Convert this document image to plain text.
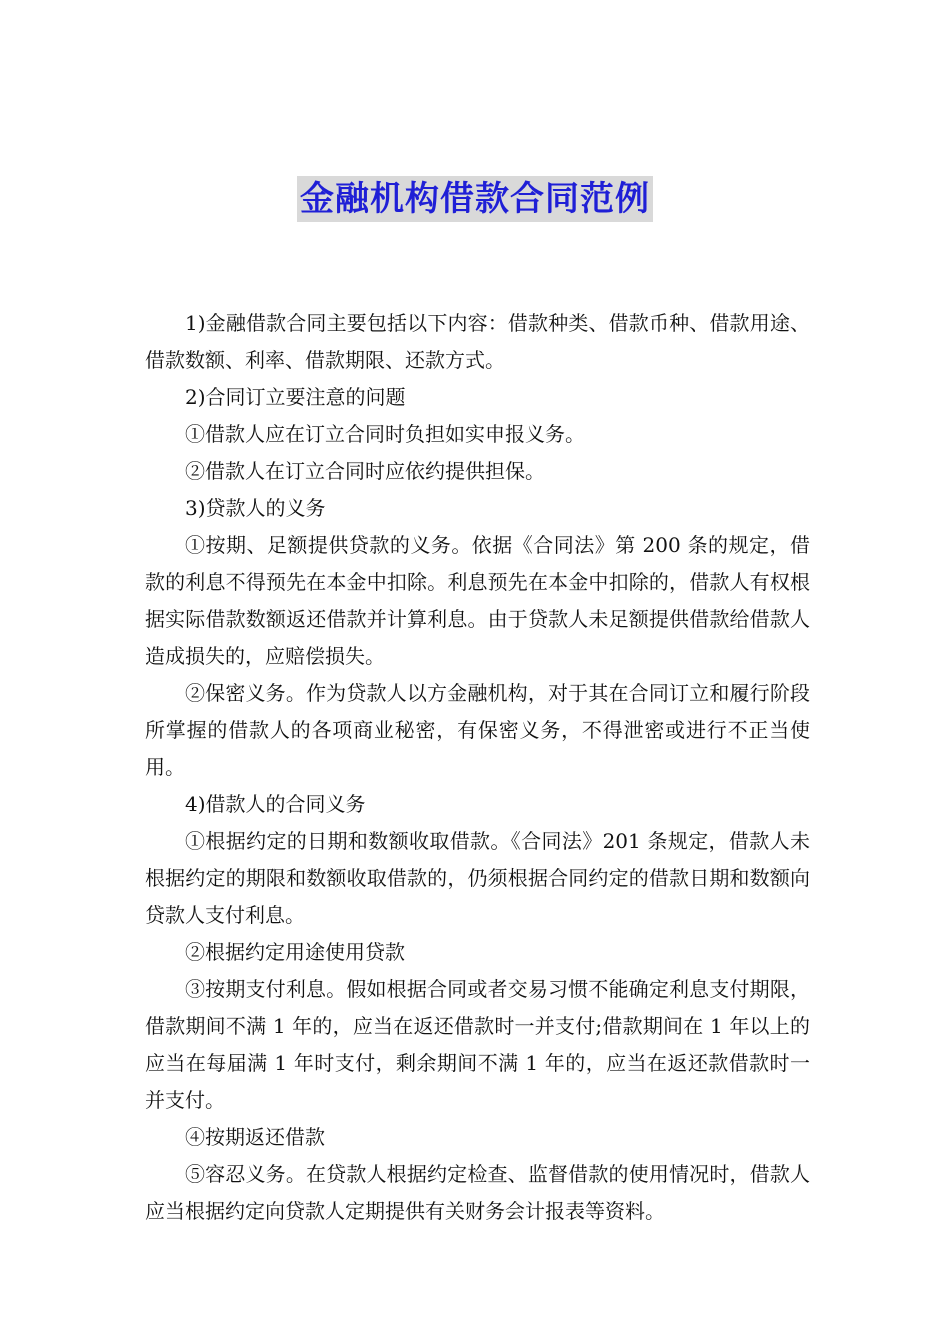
金融机构借款合同范例

1)金融借款合同主要包括以下内容：借款种类、借款币种、借款用途、借款数额、利率、借款期限、还款方式。

2)合同订立要注意的问题

①借款人应在订立合同时负担如实申报义务。

②借款人在订立合同时应依约提供担保。

3)贷款人的义务

①按期、足额提供贷款的义务。依据《合同法》第 200 条的规定，借款的利息不得预先在本金中扣除。利息预先在本金中扣除的，借款人有权根据实际借款数额返还借款并计算利息。由于贷款人未足额提供借款给借款人造成损失的，应赔偿损失。

②保密义务。作为贷款人以方金融机构，对于其在合同订立和履行阶段所掌握的借款人的各项商业秘密，有保密义务，不得泄密或进行不正当使用。

4)借款人的合同义务

①根据约定的日期和数额收取借款。《合同法》201 条规定，借款人未根据约定的期限和数额收取借款的，仍须根据合同约定的借款日期和数额向贷款人支付利息。

②根据约定用途使用贷款

③按期支付利息。假如根据合同或者交易习惯不能确定利息支付期限，借款期间不满 1 年的，应当在返还借款时一并支付;借款期间在 1 年以上的应当在每届满 1 年时支付，剩余期间不满 1 年的，应当在返还款借款时一并支付。

④按期返还借款

⑤容忍义务。在贷款人根据约定检查、监督借款的使用情况时，借款人应当根据约定向贷款人定期提供有关财务会计报表等资料。
